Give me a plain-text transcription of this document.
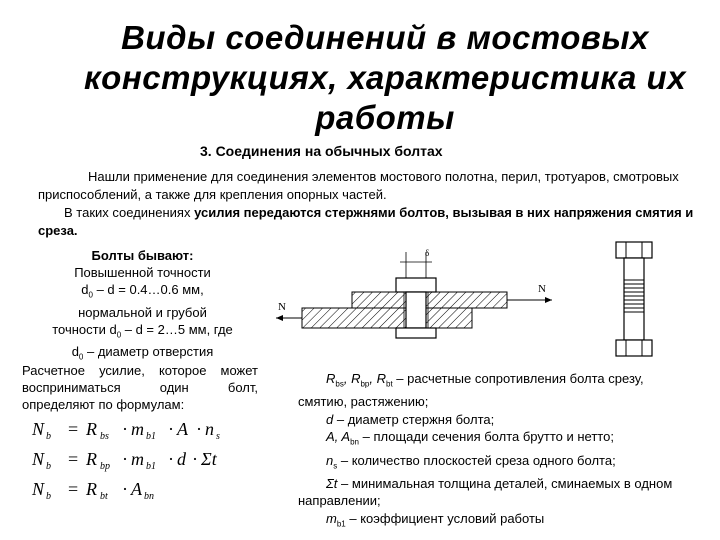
Виды соединений в мостовых конструкциях, характеристика их работы
3. Соединения на обычных болтах
Нашли применение для соединения элементов мостового полотна, перил, тротуаров, смотровых приспособлений, а также для крепления опорных частей.
В таких соединениях усилия передаются стержнями болтов, вызывая в них напряжения смятия и среза.
Болты бывают:
Повышенной точности
$d_0$ – d = 0.4…0.6 мм,
нормальной и грубой
точности $d_0$ – d = 2…5 мм, где
$d_0$ – диаметр отверстия
Расчетное усилие, которое может восприниматься один болт, определяют по формулам:
N b = R bs · m b1 · A · n s
N b = R bp · m b1 · d · Σt
N b = R bt · A bn
$R_{bs}$, $R_{bp}$, $R_{bt}$ – расчетные сопротивления болта срезу, смятию, растяжению;
d – диаметр стержня болта;
A, $A_{bn}$ – площади сечения болта брутто и нетто;
$n_s$ – количество плоскостей среза одного болта;
Σt – минимальная толщина деталей, сминаемых в одном направлении;
$m_{b1}$ – коэффициент условий работы
δ
N
N
